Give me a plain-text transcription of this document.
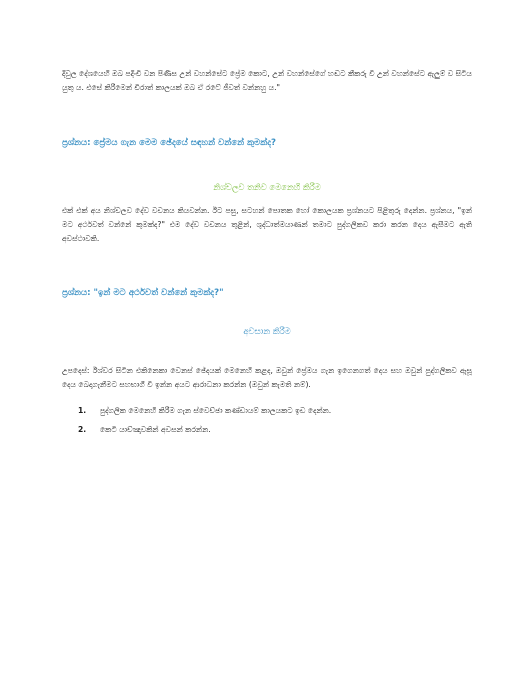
දිවුල දේශයෙහි ඔබ පදිංචි වන පිණිස උන් වහන්සේට ප්‍රේම කොට, උන් වහන්සේගේ හඬට කීකරු වී උන් වහන්සේට ඇලුම් ව සිටිය යුතු ය. එසේ කිරීමෙන් චිරාත් කාලයක් ඔබ ඒ රටේ ජීවත් වන්නහු ය."

ප්‍රශ්නය: ප්‍රේමය ගැන මෙම ඡේදයේ සඳහන් වන්නේ කුමක්ද?

නිශ්චලව තනිව මෙනෙහි කිරීම

එක් එක් අය නිශ්චලව දේව වචනය කියවන්න. ඊට පසු, සටහන් පොතක හෝ කොලයක ප්‍රශ්නයට පිළිතුරු දෙන්න. ප්‍රශ්නය, "ඉන් මට අර්ථවත් වන්නේ කුමක්ද?" එම දේව වචනය තුළින්, ශුද්ධාත්මයාණන් තමාට පුද්ගලිකව කරා කරන දෙය ඇසීමට ඇති අවස්ථාවකි.

ප්‍රශ්නය: "ඉන් මට අර්ථවත් වන්නේ කුමක්ද?"

අවසාන කිරීම

උපදෙස්: ඊශ්වර සිටින එකිනෙකා වෙනස් ඡේදයක් මෙනෙහි කළද, ඔවුන් ප්‍රේමය ගැන ඉගෙනගත් දෙය සහ ඔවුන් පුද්ගලිකව ඇසූ දෙය බෙදාගැනීමට සහභාගී වී ඉන්න අයට ආරාධනා කරන්න (ඔවුන් කැමති නම්).

1.	පුද්ගලික මෙනෙහි කිරීම ගැන ස්වෙච්ඡා කණ්ඩායම් කාලයකට ඉඩ දෙන්න.
2.	කෙටි යාච්ඤාවකින් අවසන් කරන්න.
